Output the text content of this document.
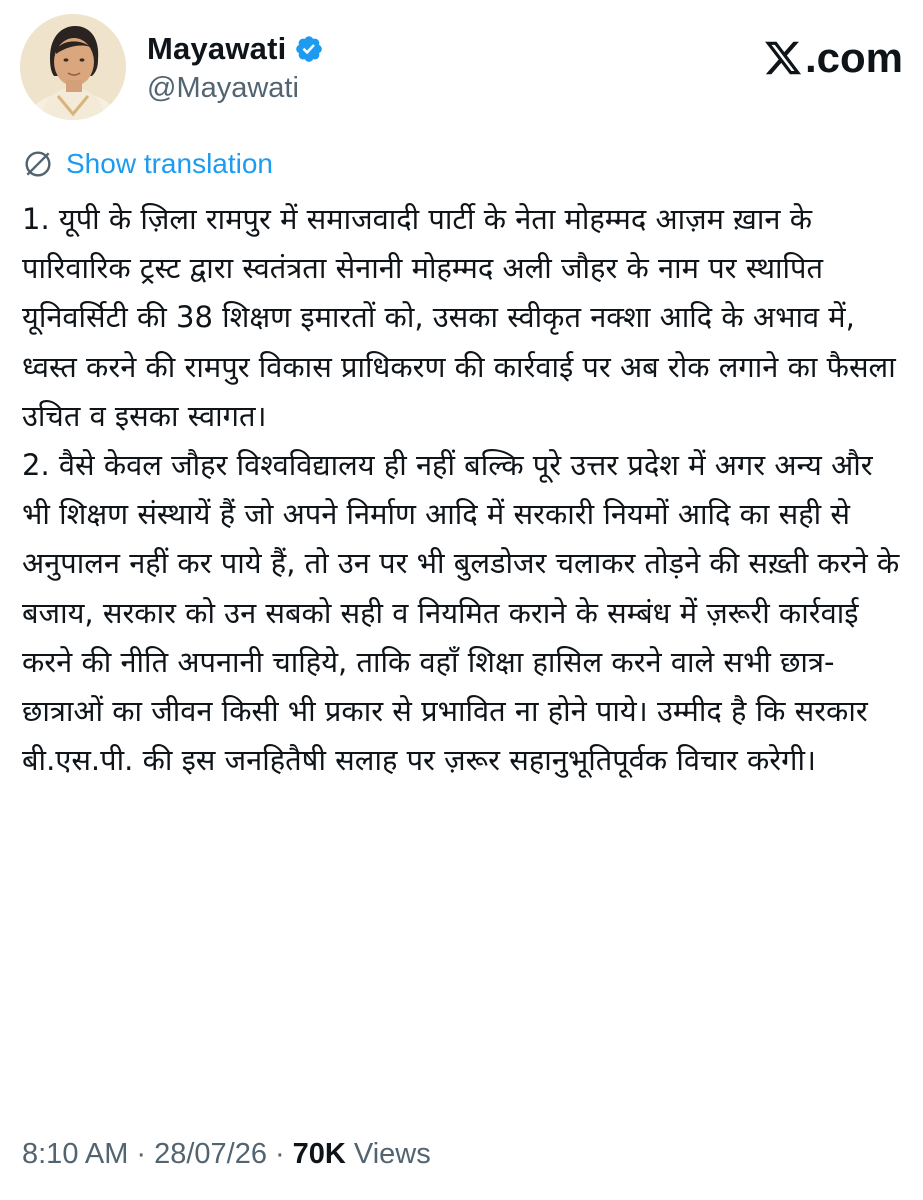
Mayawati
@Mayawati
.com
Show translation

1. यूपी के ज़िला रामपुर में समाजवादी पार्टी के नेता मोहम्मद आज़म ख़ान के पारिवारिक ट्रस्ट द्वारा स्वतंत्रता सेनानी मोहम्मद अली जौहर के नाम पर स्थापित यूनिवर्सिटी की 38 शिक्षण इमारतों को, उसका स्वीकृत नक्शा आदि के अभाव में, ध्वस्त करने की रामपुर विकास प्राधिकरण की कार्रवाई पर अब रोक लगाने का फैसला उचित व इसका स्वागत।

2. वैसे केवल जौहर विश्वविद्यालय ही नहीं बल्कि पूरे उत्तर प्रदेश में अगर अन्य और भी शिक्षण संस्थायें हैं जो अपने निर्माण आदि में सरकारी नियमों आदि का सही से अनुपालन नहीं कर पाये हैं, तो उन पर भी बुलडोजर चलाकर तोड़ने की सख़्ती करने के बजाय, सरकार को उन सबको सही व नियमित कराने के सम्बंध में ज़रूरी कार्रवाई करने की नीति अपनानी चाहिये, ताकि वहाँ शिक्षा हासिल करने वाले सभी छात्र-छात्राओं का जीवन किसी भी प्रकार से प्रभावित ना होने पाये। उम्मीद है कि सरकार बी.एस.पी. की इस जनहितैषी सलाह पर ज़रूर सहानुभूतिपूर्वक विचार करेगी।

8:10 AM · 28/07/26 · 70K Views
